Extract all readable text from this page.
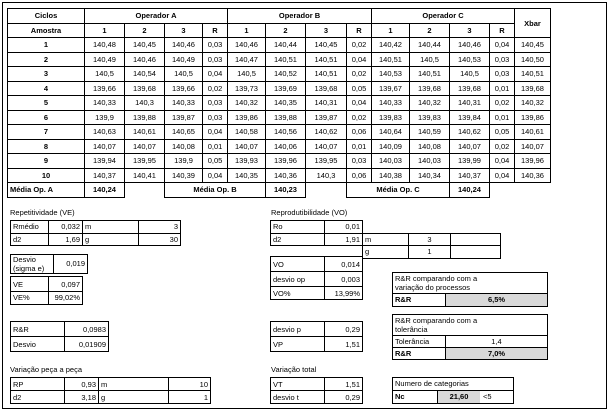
Ciclos	Operador A				Operador B				Operador C				Xbar	
Amostra	1	2	3	R	1	2	3	R	1	2	3	R		
1	140,48	140,45	140,46	0,03	140,46	140,44	140,45	0,02	140,42	140,44	140,46	0,04	140,45	
2	140,49	140,46	140,49	0,03	140,47	140,51	140,51	0,04	140,51	140,5	140,53	0,03	140,50	
3	140,5	140,54	140,5	0,04	140,5	140,52	140,51	0,02	140,53	140,51	140,5	0,03	140,51	
4	139,66	139,68	139,66	0,02	139,73	139,69	139,68	0,05	139,67	139,68	139,68	0,01	139,68	
5	140,33	140,3	140,33	0,03	140,32	140,35	140,31	0,04	140,33	140,32	140,31	0,02	140,32	
6	139,9	139,88	139,87	0,03	139,86	139,88	139,87	0,02	139,83	139,83	139,84	0,01	139,86	
7	140,63	140,61	140,65	0,04	140,58	140,56	140,62	0,06	140,64	140,59	140,62	0,05	140,61	
8	140,07	140,07	140,08	0,01	140,07	140,06	140,07	0,01	140,09	140,08	140,07	0,02	140,07	
9	139,94	139,95	139,9	0,05	139,93	139,96	139,95	0,03	140,03	140,03	139,99	0,04	139,96	
10	140,37	140,41	140,39	0,04	140,35	140,36	140,3	0,06	140,38	140,34	140,37	0,04	140,36	
Média Op. A	140,24		Média Op. B			140,23		Média Op. C			140,24			
Repetitividade (VE)
Rmédio	0,032	m	3		
d2	1,69	g	30		
Desvio
(sigma e)
0,019
VE	0,097
VE%	99,02%
Reprodutibilidade (VO)
Ro	0,01			
d2	1,91	m	3	
		g	1	
VO	0,014
desvio op	0,003
VO%	13,99%
R&R comparando com a
variação do processos
R&R	6,5%
R&R	0,0983
Desvio	0,01909
desvio p	0,29
VP	1,51
R&R comparando com a
tolerância
Tolerância	1,4
R&R	7,0%
Variação peça a peça
RP	0,93	m	10
d2	3,18	g	1
Variação total
VT	1,51
desvio t	0,29
Numero de categorias
Nc	21,60	<5
